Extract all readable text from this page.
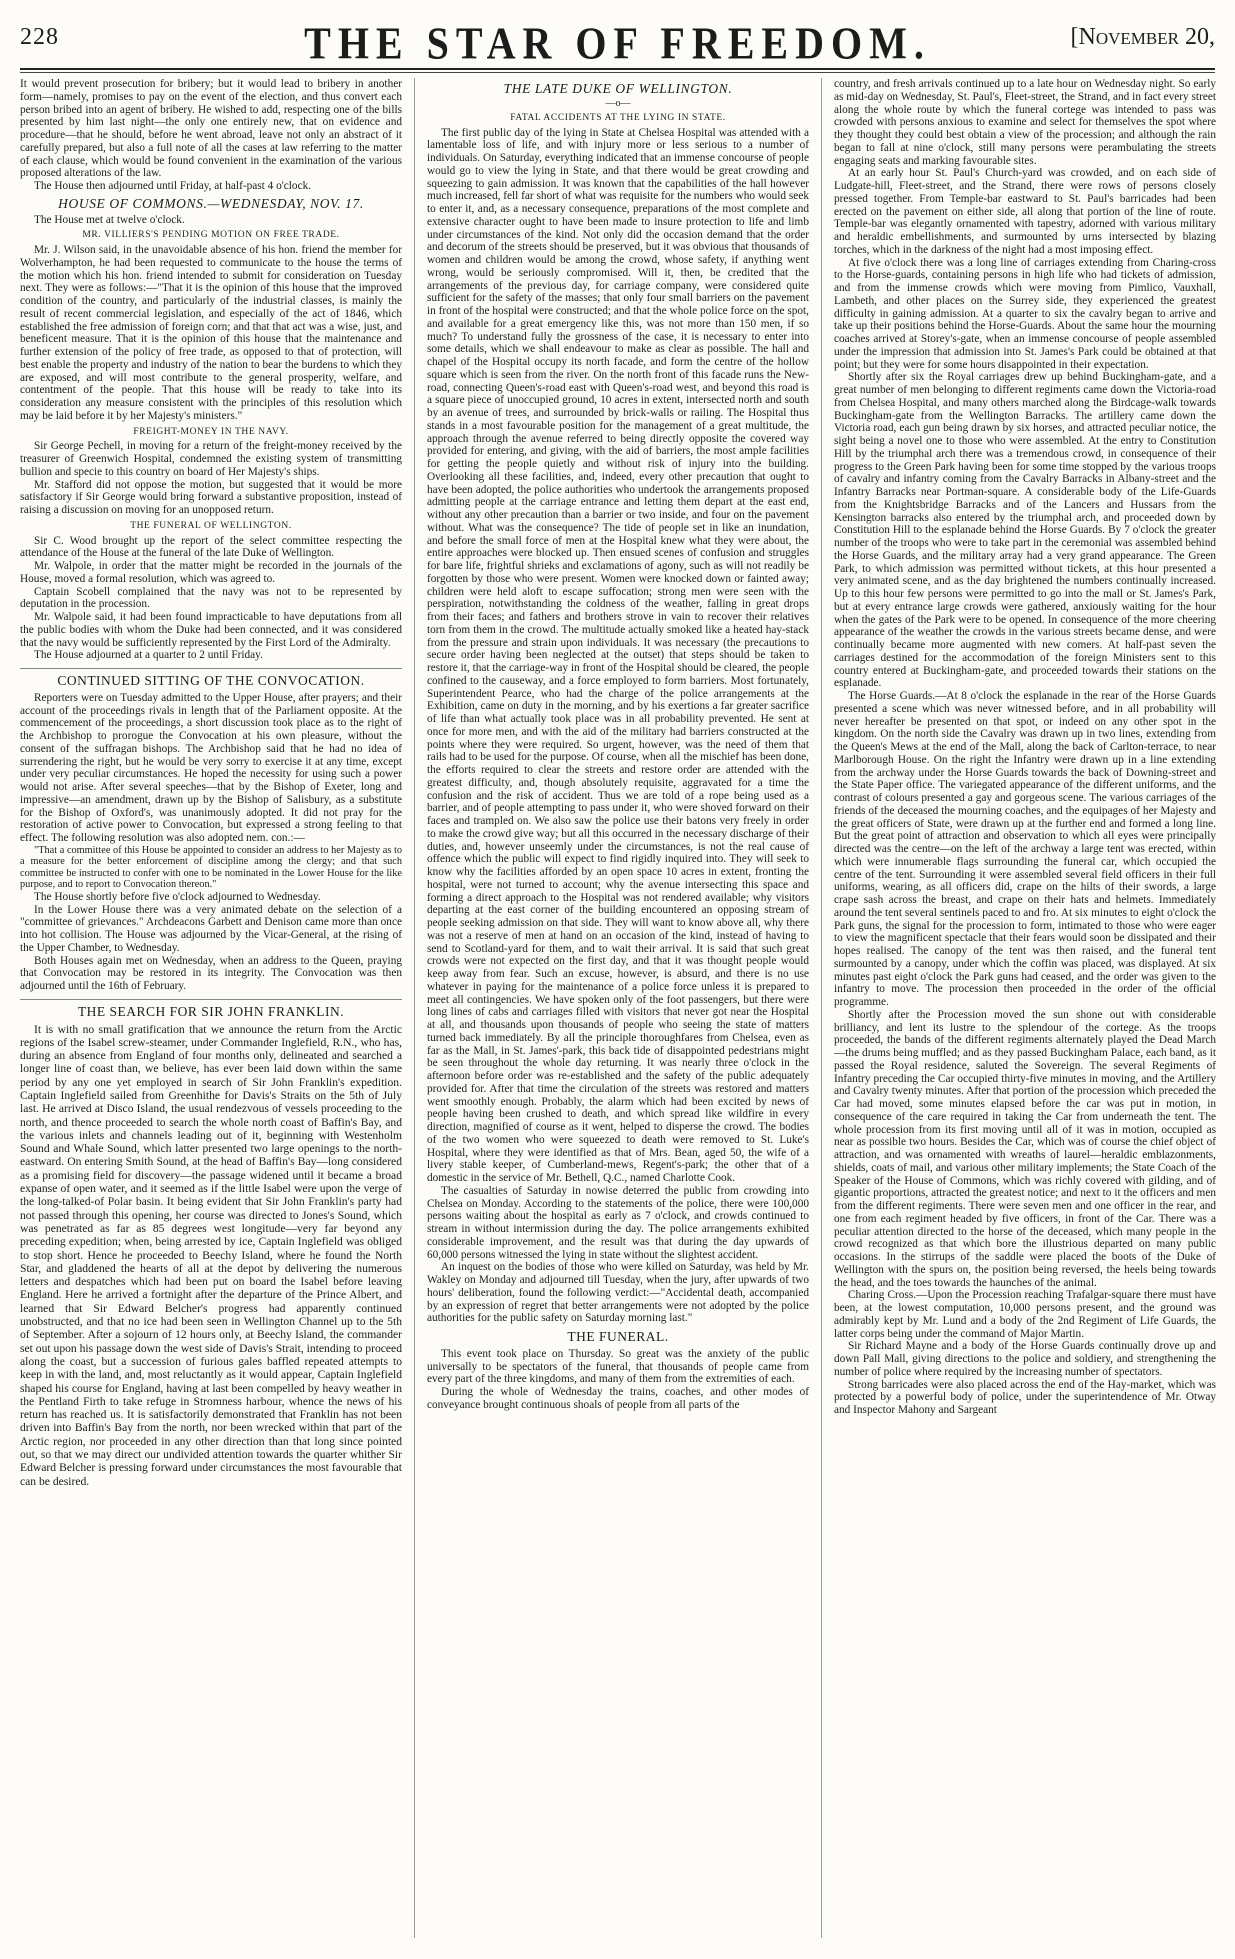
228	THE STAR OF FREEDOM.	[November 20,

It would prevent prosecution for bribery; but it would lead to bribery in another form—namely, promises to pay on the event of the election, and thus convert each person bribed into an agent of bribery. He wished to add, respecting one of the bills presented by him last night—the only one entirely new, that on evidence and procedure—that he should, before he went abroad, leave not only an abstract of it carefully prepared, but also a full note of all the cases at law referring to the matter of each clause, which would be found convenient in the examination of the various proposed alterations of the law.

The House then adjourned until Friday, at half-past 4 o'clock.

HOUSE OF COMMONS.—WEDNESDAY, NOV. 17.

The House met at twelve o'clock.

MR. VILLIERS'S PENDING MOTION ON FREE TRADE.

Mr. J. Wilson said, in the unavoidable absence of his hon. friend the member for Wolverhampton, he had been requested to communicate to the house the terms of the motion which his hon. friend intended to submit for consideration on Tuesday next. They were as follows:—"That it is the opinion of this house that the improved condition of the country, and particularly of the industrial classes, is mainly the result of recent commercial legislation, and especially of the act of 1846, which established the free admission of foreign corn; and that that act was a wise, just, and beneficent measure. That it is the opinion of this house that the maintenance and further extension of the policy of free trade, as opposed to that of protection, will best enable the property and industry of the nation to bear the burdens to which they are exposed, and will most contribute to the general prosperity, welfare, and contentment of the people. That this house will be ready to take into its consideration any measure consistent with the principles of this resolution which may be laid before it by her Majesty's ministers."

FREIGHT-MONEY IN THE NAVY.

Sir George Pechell, in moving for a return of the freight-money received by the treasurer of Greenwich Hospital, condemned the existing system of transmitting bullion and specie to this country on board of Her Majesty's ships.

Mr. Stafford did not oppose the motion, but suggested that it would be more satisfactory if Sir George would bring forward a substantive proposition, instead of raising a discussion on moving for an unopposed return.

THE FUNERAL OF WELLINGTON.

Sir C. Wood brought up the report of the select committee respecting the attendance of the House at the funeral of the late Duke of Wellington.

Mr. Walpole, in order that the matter might be recorded in the journals of the House, moved a formal resolution, which was agreed to.

Captain Scobell complained that the navy was not to be represented by deputation in the procession.

Mr. Walpole said, it had been found impracticable to have deputations from all the public bodies with whom the Duke had been connected, and it was considered that the navy would be sufficiently represented by the First Lord of the Admiralty.

The House adjourned at a quarter to 2 until Friday.

CONTINUED SITTING OF THE CONVOCATION.

Reporters were on Tuesday admitted to the Upper House, after prayers; and their account of the proceedings rivals in length that of the Parliament opposite. At the commencement of the proceedings, a short discussion took place as to the right of the Archbishop to prorogue the Convocation at his own pleasure, without the consent of the suffragan bishops. The Archbishop said that he had no idea of surrendering the right, but he would be very sorry to exercise it at any time, except under very peculiar circumstances. He hoped the necessity for using such a power would not arise. After several speeches—that by the Bishop of Exeter, long and impressive—an amendment, drawn up by the Bishop of Salisbury, as a substitute for the Bishop of Oxford's, was unanimously adopted. It did not pray for the restoration of active power to Convocation, but expressed a strong feeling to that effect. The following resolution was also adopted nem. con.:—

"That a committee of this House be appointed to consider an address to her Majesty as to a measure for the better enforcement of discipline among the clergy; and that such committee be instructed to confer with one to be nominated in the Lower House for the like purpose, and to report to Convocation thereon."

The House shortly before five o'clock adjourned to Wednesday.

In the Lower House there was a very animated debate on the selection of a "committee of grievances." Archdeacons Garbett and Denison came more than once into hot collision. The House was adjourned by the Vicar-General, at the rising of the Upper Chamber, to Wednesday.

Both Houses again met on Wednesday, when an address to the Queen, praying that Convocation may be restored in its integrity. The Convocation was then adjourned until the 16th of February.

THE SEARCH FOR SIR JOHN FRANKLIN.

It is with no small gratification that we announce the return from the Arctic regions of the Isabel screw-steamer, under Commander Inglefield, R.N., who has, during an absence from England of four months only, delineated and searched a longer line of coast than, we believe, has ever been laid down within the same period by any one yet employed in search of Sir John Franklin's expedition. Captain Inglefield sailed from Greenhithe for Davis's Straits on the 5th of July last. He arrived at Disco Island, the usual rendezvous of vessels proceeding to the north, and thence proceeded to search the whole north coast of Baffin's Bay, and the various inlets and channels leading out of it, beginning with Westenholm Sound and Whale Sound, which latter presented two large openings to the north-eastward. On entering Smith Sound, at the head of Baffin's Bay—long considered as a promising field for discovery—the passage widened until it became a broad expanse of open water, and it seemed as if the little Isabel were upon the verge of the long-talked-of Polar basin. It being evident that Sir John Franklin's party had not passed through this opening, her course was directed to Jones's Sound, which was penetrated as far as 85 degrees west longitude—very far beyond any preceding expedition; when, being arrested by ice, Captain Inglefield was obliged to stop short. Hence he proceeded to Beechy Island, where he found the North Star, and gladdened the hearts of all at the depot by delivering the numerous letters and despatches which had been put on board the Isabel before leaving England. Here he arrived a fortnight after the departure of the Prince Albert, and learned that Sir Edward Belcher's progress had apparently continued unobstructed, and that no ice had been seen in Wellington Channel up to the 5th of September. After a sojourn of 12 hours only, at Beechy Island, the commander set out upon his passage down the west side of Davis's Strait, intending to proceed along the coast, but a succession of furious gales baffled repeated attempts to keep in with the land, and, most reluctantly as it would appear, Captain Inglefield shaped his course for England, having at last been compelled by heavy weather in the Pentland Firth to take refuge in Stromness harbour, whence the news of his return has reached us. It is satisfactorily demonstrated that Franklin has not been driven into Baffin's Bay from the north, nor been wrecked within that part of the Arctic region, nor proceeded in any other direction than that long since pointed out, so that we may direct our undivided attention towards the quarter whither Sir Edward Belcher is pressing forward under circumstances the most favourable that can be desired.

THE LATE DUKE OF WELLINGTON.
—o—
FATAL ACCIDENTS AT THE LYING IN STATE.

The first public day of the lying in State at Chelsea Hospital was attended with a lamentable loss of life, and with injury more or less serious to a number of individuals. On Saturday, everything indicated that an immense concourse of people would go to view the lying in State, and that there would be great crowding and squeezing to gain admission. It was known that the capabilities of the hall however much increased, fell far short of what was requisite for the numbers who would seek to enter it, and, as a necessary consequence, preparations of the most complete and extensive character ought to have been made to insure protection to life and limb under circumstances of the kind. Not only did the occasion demand that the order and decorum of the streets should be preserved, but it was obvious that thousands of women and children would be among the crowd, whose safety, if anything went wrong, would be seriously compromised. Will it, then, be credited that the arrangements of the previous day, for carriage company, were considered quite sufficient for the safety of the masses; that only four small barriers on the pavement in front of the hospital were constructed; and that the whole police force on the spot, and available for a great emergency like this, was not more than 150 men, if so much? To understand fully the grossness of the case, it is necessary to enter into some details, which we shall endeavour to make as clear as possible. The hall and chapel of the Hospital occupy its north facade, and form the centre of the hollow square which is seen from the river. On the north front of this facade runs the New-road, connecting Queen's-road east with Queen's-road west, and beyond this road is a square piece of unoccupied ground, 10 acres in extent, intersected north and south by an avenue of trees, and surrounded by brick-walls or railing. The Hospital thus stands in a most favourable position for the management of a great multitude, the approach through the avenue referred to being directly opposite the covered way provided for entering, and giving, with the aid of barriers, the most ample facilities for getting the people quietly and without risk of injury into the building. Overlooking all these facilities, and, indeed, every other precaution that ought to have been adopted, the police authorities who undertook the arrangements proposed admitting people at the carriage entrance and letting them depart at the east end, without any other precaution than a barrier or two inside, and four on the pavement without. What was the consequence? The tide of people set in like an inundation, and before the small force of men at the Hospital knew what they were about, the entire approaches were blocked up. Then ensued scenes of confusion and struggles for bare life, frightful shrieks and exclamations of agony, such as will not readily be forgotten by those who were present. Women were knocked down or fainted away; children were held aloft to escape suffocation; strong men were seen with the perspiration, notwithstanding the coldness of the weather, falling in great drops from their faces; and fathers and brothers strove in vain to recover their relatives torn from them in the crowd. The multitude actually smoked like a heated hay-stack from the pressure and strain upon individuals. It was necessary (the precautions to secure order having been neglected at the outset) that steps should be taken to restore it, that the carriage-way in front of the Hospital should be cleared, the people confined to the causeway, and a force employed to form barriers. Most fortunately, Superintendent Pearce, who had the charge of the police arrangements at the Exhibition, came on duty in the morning, and by his exertions a far greater sacrifice of life than what actually took place was in all probability prevented. He sent at once for more men, and with the aid of the military had barriers constructed at the points where they were required. So urgent, however, was the need of them that rails had to be used for the purpose. Of course, when all the mischief has been done, the efforts required to clear the streets and restore order are attended with the greatest difficulty, and, though absolutely requisite, aggravated for a time the confusion and the risk of accident. Thus we are told of a rope being used as a barrier, and of people attempting to pass under it, who were shoved forward on their faces and trampled on. We also saw the police use their batons very freely in order to make the crowd give way; but all this occurred in the necessary discharge of their duties, and, however unseemly under the circumstances, is not the real cause of offence which the public will expect to find rigidly inquired into. They will seek to know why the facilities afforded by an open space 10 acres in extent, fronting the hospital, were not turned to account; why the avenue intersecting this space and forming a direct approach to the Hospital was not rendered available; why visitors departing at the east corner of the building encountered an opposing stream of people seeking admission on that side. They will want to know above all, why there was not a reserve of men at hand on an occasion of the kind, instead of having to send to Scotland-yard for them, and to wait their arrival. It is said that such great crowds were not expected on the first day, and that it was thought people would keep away from fear. Such an excuse, however, is absurd, and there is no use whatever in paying for the maintenance of a police force unless it is prepared to meet all contingencies. We have spoken only of the foot passengers, but there were long lines of cabs and carriages filled with visitors that never got near the Hospital at all, and thousands upon thousands of people who seeing the state of matters turned back immediately. By all the principle thoroughfares from Chelsea, even as far as the Mall, in St. James'-park, this back tide of disappointed pedestrians might be seen throughout the whole day returning. It was nearly three o'clock in the afternoon before order was re-established and the safety of the public adequately provided for. After that time the circulation of the streets was restored and matters went smoothly enough. Probably, the alarm which had been excited by news of people having been crushed to death, and which spread like wildfire in every direction, magnified of course as it went, helped to disperse the crowd. The bodies of the two women who were squeezed to death were removed to St. Luke's Hospital, where they were identified as that of Mrs. Bean, aged 50, the wife of a livery stable keeper, of Cumberland-mews, Regent's-park; the other that of a domestic in the service of Mr. Bethell, Q.C., named Charlotte Cook.

The casualties of Saturday in nowise deterred the public from crowding into Chelsea on Monday. According to the statements of the police, there were 100,000 persons waiting about the hospital as early as 7 o'clock, and crowds continued to stream in without intermission during the day. The police arrangements exhibited considerable improvement, and the result was that during the day upwards of 60,000 persons witnessed the lying in state without the slightest accident.

An inquest on the bodies of those who were killed on Saturday, was held by Mr. Wakley on Monday and adjourned till Tuesday, when the jury, after upwards of two hours' deliberation, found the following verdict:—"Accidental death, accompanied by an expression of regret that better arrangements were not adopted by the police authorities for the public safety on Saturday morning last."

THE FUNERAL.

This event took place on Thursday. So great was the anxiety of the public universally to be spectators of the funeral, that thousands of people came from every part of the three kingdoms, and many of them from the extremities of each.

During the whole of Wednesday the trains, coaches, and other modes of conveyance brought continuous shoals of people from all parts of the

country, and fresh arrivals continued up to a late hour on Wednesday night. So early as mid-day on Wednesday, St. Paul's, Fleet-street, the Strand, and in fact every street along the whole route by which the funeral cortege was intended to pass was crowded with persons anxious to examine and select for themselves the spot where they thought they could best obtain a view of the procession; and although the rain began to fall at nine o'clock, still many persons were perambulating the streets engaging seats and marking favourable sites.

At an early hour St. Paul's Church-yard was crowded, and on each side of Ludgate-hill, Fleet-street, and the Strand, there were rows of persons closely pressed together. From Temple-bar eastward to St. Paul's barricades had been erected on the pavement on either side, all along that portion of the line of route. Temple-bar was elegantly ornamented with tapestry, adorned with various military and heraldic embellishments, and surmounted by urns intersected by blazing torches, which in the darkness of the night had a most imposing effect.

At five o'clock there was a long line of carriages extending from Charing-cross to the Horse-guards, containing persons in high life who had tickets of admission, and from the immense crowds which were moving from Pimlico, Vauxhall, Lambeth, and other places on the Surrey side, they experienced the greatest difficulty in gaining admission. At a quarter to six the cavalry began to arrive and take up their positions behind the Horse-Guards. About the same hour the mourning coaches arrived at Storey's-gate, when an immense concourse of people assembled under the impression that admission into St. James's Park could be obtained at that point; but they were for some hours disappointed in their expectation.

Shortly after six the Royal carriages drew up behind Buckingham-gate, and a great number of men belonging to different regiments came down the Victoria-road from Chelsea Hospital, and many others marched along the Birdcage-walk towards Buckingham-gate from the Wellington Barracks. The artillery came down the Victoria road, each gun being drawn by six horses, and attracted peculiar notice, the sight being a novel one to those who were assembled. At the entry to Constitution Hill by the triumphal arch there was a tremendous crowd, in consequence of their progress to the Green Park having been for some time stopped by the various troops of cavalry and infantry coming from the Cavalry Barracks in Albany-street and the Infantry Barracks near Portman-square. A considerable body of the Life-Guards from the Knightsbridge Barracks and of the Lancers and Hussars from the Kensington barracks also entered by the triumphal arch, and proceeded down by Constitution Hill to the esplanade behind the Horse Guards. By 7 o'clock the greater number of the troops who were to take part in the ceremonial was assembled behind the Horse Guards, and the military array had a very grand appearance. The Green Park, to which admission was permitted without tickets, at this hour presented a very animated scene, and as the day brightened the numbers continually increased. Up to this hour few persons were permitted to go into the mall or St. James's Park, but at every entrance large crowds were gathered, anxiously waiting for the hour when the gates of the Park were to be opened. In consequence of the more cheering appearance of the weather the crowds in the various streets became dense, and were continually became more augmented with new comers. At half-past seven the carriages destined for the accommodation of the foreign Ministers sent to this country entered at Buckingham-gate, and proceeded towards their stations on the esplanade.

The Horse Guards.—At 8 o'clock the esplanade in the rear of the Horse Guards presented a scene which was never witnessed before, and in all probability will never hereafter be presented on that spot, or indeed on any other spot in the kingdom. On the north side the Cavalry was drawn up in two lines, extending from the Queen's Mews at the end of the Mall, along the back of Carlton-terrace, to near Marlborough House. On the right the Infantry were drawn up in a line extending from the archway under the Horse Guards towards the back of Downing-street and the State Paper office. The variegated appearance of the different uniforms, and the contrast of colours presented a gay and gorgeous scene. The various carriages of the friends of the deceased the mourning coaches, and the equipages of her Majesty and the great officers of State, were drawn up at the further end and formed a long line. But the great point of attraction and observation to which all eyes were principally directed was the centre—on the left of the archway a large tent was erected, within which were innumerable flags surrounding the funeral car, which occupied the centre of the tent. Surrounding it were assembled several field officers in their full uniforms, wearing, as all officers did, crape on the hilts of their swords, a large crape sash across the breast, and crape on their hats and helmets. Immediately around the tent several sentinels paced to and fro. At six minutes to eight o'clock the Park guns, the signal for the procession to form, intimated to those who were eager to view the magnificent spectacle that their fears would soon be dissipated and their hopes realised. The canopy of the tent was then raised, and the funeral tent surmounted by a canopy, under which the coffin was placed, was displayed. At six minutes past eight o'clock the Park guns had ceased, and the order was given to the infantry to move. The procession then proceeded in the order of the official programme.

Shortly after the Procession moved the sun shone out with considerable brilliancy, and lent its lustre to the splendour of the cortege. As the troops proceeded, the bands of the different regiments alternately played the Dead March—the drums being muffled; and as they passed Buckingham Palace, each band, as it passed the Royal residence, saluted the Sovereign. The several Regiments of Infantry preceding the Car occupied thirty-five minutes in moving, and the Artillery and Cavalry twenty minutes. After that portion of the procession which preceded the Car had moved, some minutes elapsed before the car was put in motion, in consequence of the care required in taking the Car from underneath the tent. The whole procession from its first moving until all of it was in motion, occupied as near as possible two hours. Besides the Car, which was of course the chief object of attraction, and was ornamented with wreaths of laurel—heraldic emblazonments, shields, coats of mail, and various other military implements; the State Coach of the Speaker of the House of Commons, which was richly covered with gilding, and of gigantic proportions, attracted the greatest notice; and next to it the officers and men from the different regiments. There were seven men and one officer in the rear, and one from each regiment headed by five officers, in front of the Car. There was a peculiar attention directed to the horse of the deceased, which many people in the crowd recognized as that which bore the illustrious departed on many public occasions. In the stirrups of the saddle were placed the boots of the Duke of Wellington with the spurs on, the position being reversed, the heels being towards the head, and the toes towards the haunches of the animal.

Charing Cross.—Upon the Procession reaching Trafalgar-square there must have been, at the lowest computation, 10,000 persons present, and the ground was admirably kept by Mr. Lund and a body of the 2nd Regiment of Life Guards, the latter corps being under the command of Major Martin.

Sir Richard Mayne and a body of the Horse Guards continually drove up and down Pall Mall, giving directions to the police and soldiery, and strengthening the number of police where required by the increasing number of spectators.

Strong barricades were also placed across the end of the Hay-market, which was protected by a powerful body of police, under the superintendence of Mr. Otway and Inspector Mahony and Sargeant
